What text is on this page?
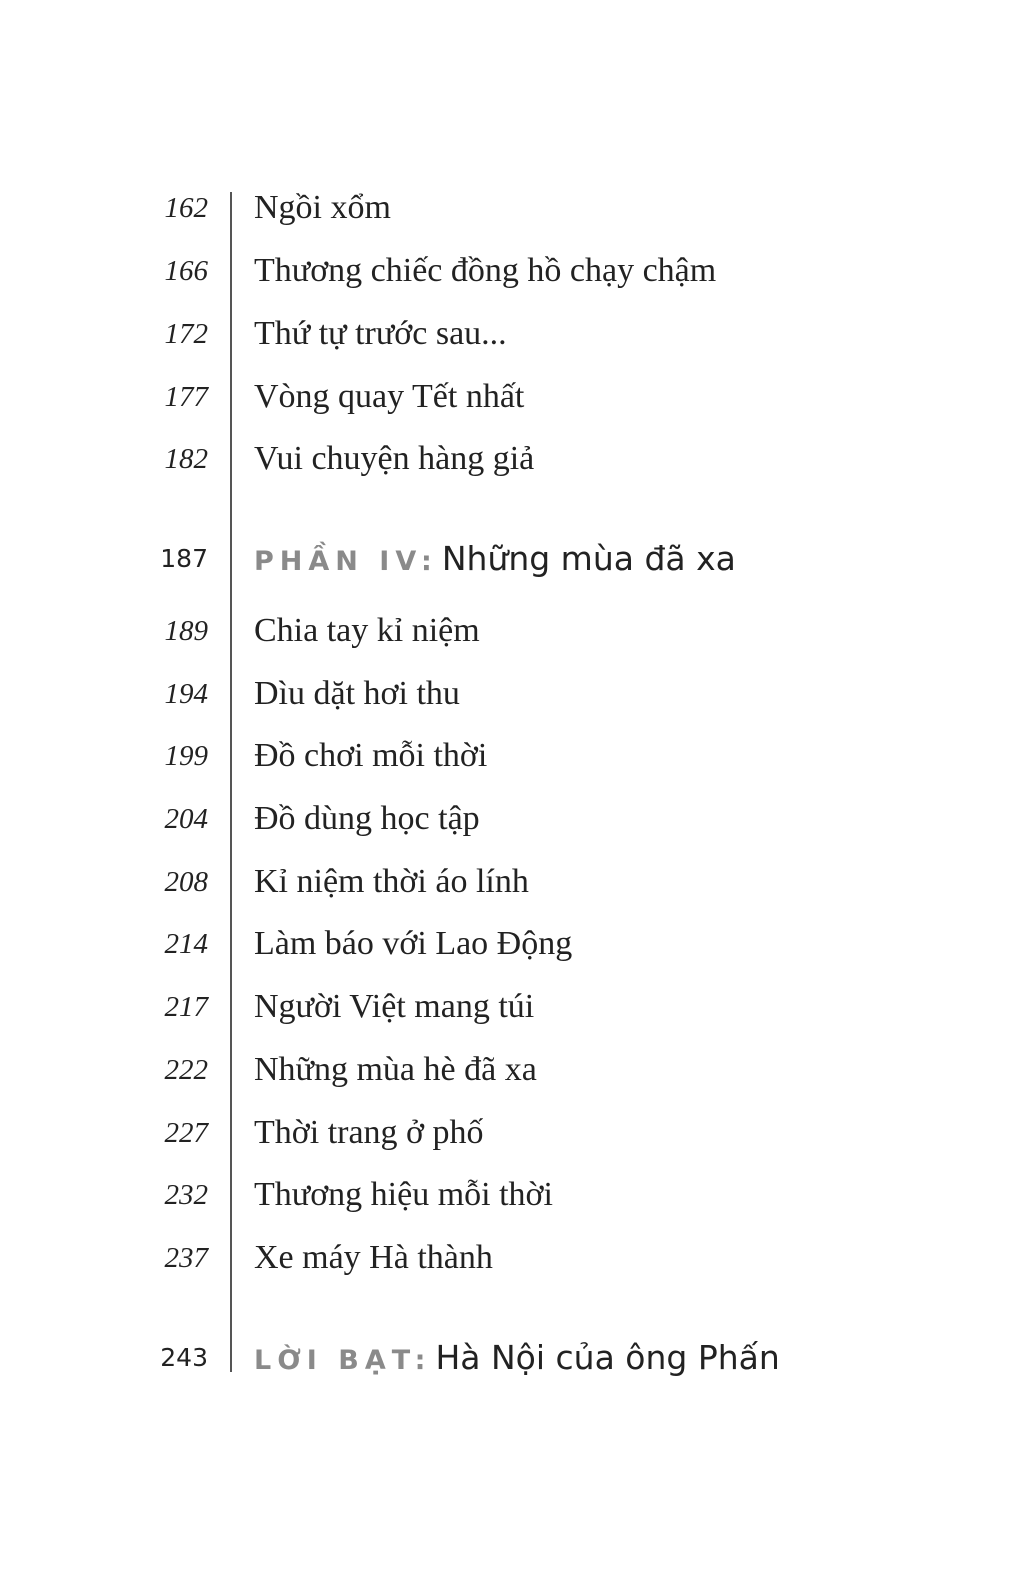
162 Ngồi xổm
166 Thương chiếc đồng hồ chạy chậm
172 Thứ tự trước sau...
177 Vòng quay Tết nhất
182 Vui chuyện hàng giả
187 PHẦN IV: Những mùa đã xa
189 Chia tay kỉ niệm
194 Dìu dặt hơi thu
199 Đồ chơi mỗi thời
204 Đồ dùng học tập
208 Kỉ niệm thời áo lính
214 Làm báo với Lao Động
217 Người Việt mang túi
222 Những mùa hè đã xa
227 Thời trang ở phố
232 Thương hiệu mỗi thời
237 Xe máy Hà thành
243 LỜI BẠT: Hà Nội của ông Phấn
